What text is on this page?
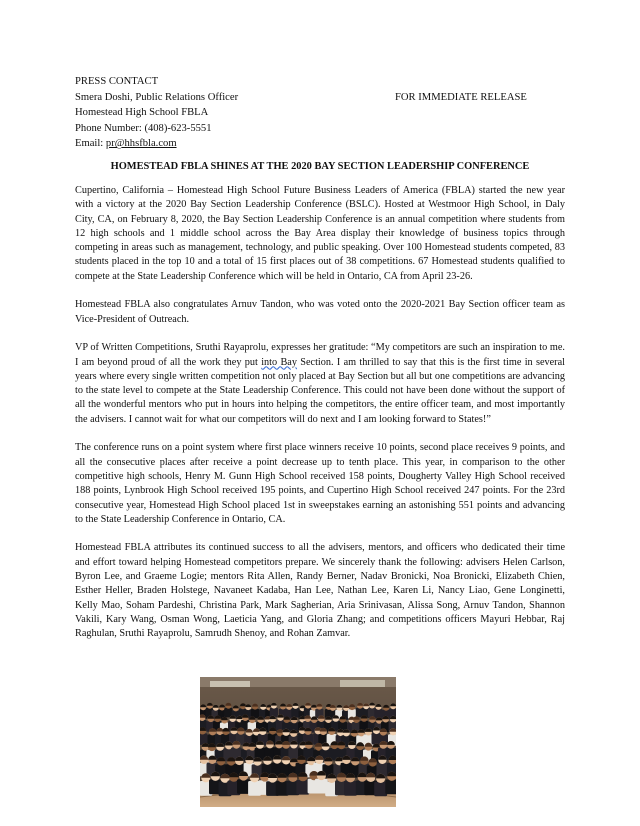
PRESS CONTACT
Smera Doshi, Public Relations Officer
Homestead High School FBLA
Phone Number: (408)-623-5551
Email: pr@hhsfbla.com
FOR IMMEDIATE RELEASE
HOMESTEAD FBLA SHINES AT THE 2020 BAY SECTION LEADERSHIP CONFERENCE

Cupertino, California – Homestead High School Future Business Leaders of America (FBLA) started the new year with a victory at the 2020 Bay Section Leadership Conference (BSLC). Hosted at Westmoor High School, in Daly City, CA, on February 8, 2020, the Bay Section Leadership Conference is an annual competition where students from 12 high schools and 1 middle school across the Bay Area display their knowledge of business topics through competing in areas such as management, technology, and public speaking. Over 100 Homestead students competed, 83 students placed in the top 10 and a total of 15 first places out of 38 competitions. 67 Homestead students qualified to compete at the State Leadership Conference which will be held in Ontario, CA from April 23-26.

Homestead FBLA also congratulates Arnuv Tandon, who was voted onto the 2020-2021 Bay Section officer team as Vice-President of Outreach.

VP of Written Competitions, Sruthi Rayaprolu, expresses her gratitude: “My competitors are such an inspiration to me. I am beyond proud of all the work they put into Bay Section. I am thrilled to say that this is the first time in several years where every single written competition not only placed at Bay Section but all but one competitions are advancing to the state level to compete at the State Leadership Conference. This could not have been done without the support of all the wonderful mentors who put in hours into helping the competitors, the entire officer team, and most importantly the advisers. I cannot wait for what our competitors will do next and I am looking forward to States!”

The conference runs on a point system where first place winners receive 10 points, second place receives 9 points, and all the consecutive places after receive a point decrease up to tenth place. This year, in comparison to the other competitive high schools, Henry M. Gunn High School received 158 points, Dougherty Valley High School received 188 points, Lynbrook High School received 195 points, and Cupertino High School received 247 points. For the 23rd consecutive year, Homestead High School placed 1st in sweepstakes earning an astonishing 551 points and advancing to the State Leadership Conference in Ontario, CA.

Homestead FBLA attributes its continued success to all the advisers, mentors, and officers who dedicated their time and effort toward helping Homestead competitors prepare. We sincerely thank the following: advisers Helen Carlson, Byron Lee, and Graeme Logie; mentors Rita Allen, Randy Berner, Nadav Bronicki, Noa Bronicki, Elizabeth Chien, Esther Heller, Braden Holstege, Navaneet Kadaba, Han Lee, Nathan Lee, Karen Li, Nancy Liao, Gene Longinetti, Kelly Mao, Soham Pardeshi, Christina Park, Mark Sagherian, Aria Srinivasan, Alissa Song, Arnuv Tandon, Shannon Vakili, Kary Wang, Osman Wong, Laeticia Yang, and Gloria Zhang; and competitions officers Mayuri Hebbar, Raj Raghulan, Sruthi Rayaprolu, Samrudh Shenoy, and Rohan Zamvar.
